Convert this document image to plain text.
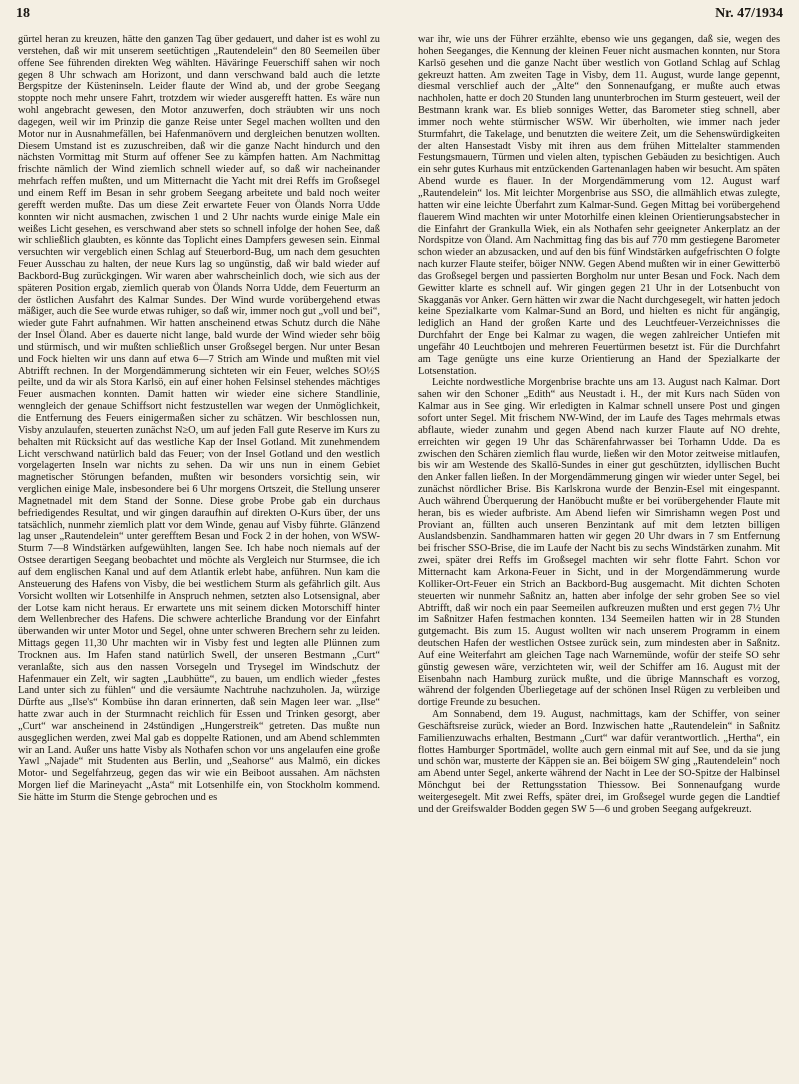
18	Nr. 47/1934

gürtel heran zu kreuzen, hätte den ganzen Tag über gedauert, und daher ist es wohl zu verstehen, daß wir mit unserem seetüchtigen „Rautendelein“ den 80 Seemeilen über offene See führenden direkten Weg wählten. Häväringe Feuerschiff sahen wir noch gegen 8 Uhr schwach am Horizont, und dann verschwand bald auch die letzte Bergspitze der Küsteninseln. Leider flaute der Wind ab, und der grobe Seegang stoppte noch mehr unsere Fahrt, trotzdem wir wieder ausgerefft hatten. Es wäre nun wohl angebracht gewesen, den Motor anzuwerfen, doch sträubten wir uns noch dagegen, weil wir im Prinzip die ganze Reise unter Segel machen wollten und den Motor nur in Ausnahmefällen, bei Hafenmanövern und dergleichen benutzen wollten. Diesem Umstand ist es zuzuschreiben, daß wir die ganze Nacht hindurch und den nächsten Vormittag mit Sturm auf offener See zu kämpfen hatten. Am Nachmittag frischte nämlich der Wind ziemlich schnell wieder auf, so daß wir nacheinander mehrfach reffen mußten, und um Mitternacht die Yacht mit drei Reffs im Großsegel und einem Reff im Besan in sehr grobem Seegang arbeitete und bald noch weiter gerefft werden mußte. Das um diese Zeit erwartete Feuer von Ölands Norra Udde konnten wir nicht ausmachen, zwischen 1 und 2 Uhr nachts wurde einige Male ein weißes Licht gesehen, es verschwand aber stets so schnell infolge der hohen See, daß wir schließlich glaubten, es könnte das Toplicht eines Dampfers gewesen sein. Einmal versuchten wir vergeblich einen Schlag auf Steuerbord-Bug, um nach dem gesuchten Feuer Ausschau zu halten, der neue Kurs lag so ungünstig, daß wir bald wieder auf Backbord-Bug zurückgingen. Wir waren aber wahrscheinlich doch, wie sich aus der späteren Position ergab, ziemlich querab von Ölands Norra Udde, dem Feuerturm an der östlichen Ausfahrt des Kalmar Sundes. Der Wind wurde vorübergehend etwas mäßiger, auch die See wurde etwas ruhiger, so daß wir, immer noch gut „voll und bei“, wieder gute Fahrt aufnahmen. Wir hatten anscheinend etwas Schutz durch die Nähe der Insel Öland. Aber es dauerte nicht lange, bald wurde der Wind wieder sehr böig und stürmisch, und wir mußten schließlich unser Großsegel bergen. Nur unter Besan und Fock hielten wir uns dann auf etwa 6—7 Strich am Winde und mußten mit viel Abtrifft rechnen. In der Morgendämmerung sichteten wir ein Feuer, welches SO½S peilte, und da wir als Stora Karlsö, ein auf einer hohen Felsinsel stehendes mächtiges Feuer ausmachen konnten. Damit hatten wir wieder eine sichere Standlinie, wenngleich der genaue Schiffsort nicht festzustellen war wegen der Unmöglichkeit, die Entfernung des Feuers einigermaßen sicher zu schätzen. Wir beschlossen nun, Visby anzulaufen, steuerten zunächst N≥O, um auf jeden Fall gute Reserve im Kurs zu behalten mit Rücksicht auf das westliche Kap der Insel Gotland. Mit zunehmendem Licht verschwand natürlich bald das Feuer; von der Insel Gotland und den westlich vorgelagerten Inseln war nichts zu sehen. Da wir uns nun in einem Gebiet magnetischer Störungen befanden, mußten wir besonders vorsichtig sein, wir verglichen einige Male, insbesondere bei 6 Uhr morgens Ortszeit, die Stellung unserer Magnetnadel mit dem Stand der Sonne. Diese grobe Probe gab ein durchaus befriedigendes Resultat, und wir gingen daraufhin auf direkten O-Kurs über, der uns tatsächlich, nunmehr ziemlich platt vor dem Winde, genau auf Visby führte. Glänzend lag unser „Rautendelein“ unter gerefftem Besan und Fock 2 in der hohen, von WSW-Sturm 7—8 Windstärken aufgewühlten, langen See. Ich habe noch niemals auf der Ostsee derartigen Seegang beobachtet und möchte als Vergleich nur Sturmsee, die ich auf dem englischen Kanal und auf dem Atlantik erlebt habe, anführen. Nun kam die Ansteuerung des Hafens von Visby, die bei westlichem Sturm als gefährlich gilt. Aus Vorsicht wollten wir Lotsenhilfe in Anspruch nehmen, setzten also Lotsensignal, aber der Lotse kam nicht heraus. Er erwartete uns mit seinem dicken Motorschiff hinter dem Wellenbrecher des Hafens. Die schwere achterliche Brandung vor der Einfahrt überwanden wir unter Motor und Segel, ohne unter schweren Brechern sehr zu leiden. Mittags gegen 11,30 Uhr machten wir in Visby fest und legten alle Plünnen zum Trocknen aus. Im Hafen stand natürlich Swell, der unseren Bestmann „Curt“ veranlaßte, sich aus den nassen Vorsegeln und Trysegel im Windschutz der Hafenmauer ein Zelt, wir sagten „Laubhütte“, zu bauen, um endlich wieder „festes Land unter sich zu fühlen“ und die versäumte Nachtruhe nachzuholen. Ja, würzige Dürfte aus „Ilse's“ Kombüse ihn daran erinnerten, daß sein Magen leer war. „Ilse“ hatte zwar auch in der Sturmnacht reichlich für Essen und Trinken gesorgt, aber „Curt“ war anscheinend in 24stündigen „Hungerstreik“ getreten. Das mußte nun ausgeglichen werden, zwei Mal gab es doppelte Rationen, und am Abend schlemmten wir an Land. Außer uns hatte Visby als Nothafen schon vor uns angelaufen eine große Yawl „Najade“ mit Studenten aus Berlin, und „Seahorse“ aus Malmö, ein dickes Motor- und Segelfahrzeug, gegen das wir wie ein Beiboot aussahen. Am nächsten Morgen lief die Marineyacht „Asta“ mit Lotsenhilfe ein, von Stockholm kommend. Sie hätte im Sturm die Stenge gebrochen und es

war ihr, wie uns der Führer erzählte, ebenso wie uns gegangen, daß sie, wegen des hohen Seeganges, die Kennung der kleinen Feuer nicht ausmachen konnten, nur Stora Karlsö gesehen und die ganze Nacht über westlich von Gotland Schlag auf Schlag gekreuzt hatten. Am zweiten Tage in Visby, dem 11. August, wurde lange gepennt, diesmal verschlief auch der „Alte“ den Sonnenaufgang, er mußte auch etwas nachholen, hatte er doch 20 Stunden lang ununterbrochen im Sturm gesteuert, weil der Bestmann krank war. Es blieb sonniges Wetter, das Barometer stieg schnell, aber immer noch wehte stürmischer WSW. Wir überholten, wie immer nach jeder Sturmfahrt, die Takelage, und benutzten die weitere Zeit, um die Sehenswürdigkeiten der alten Hansestadt Visby mit ihren aus dem frühen Mittelalter stammenden Festungsmauern, Türmen und vielen alten, typischen Gebäuden zu besichtigen. Auch ein sehr gutes Kurhaus mit entzückenden Gartenanlagen haben wir besucht. Am späten Abend wurde es flauer. In der Morgendämmerung vom 12. August warf „Rautendelein“ los. Mit leichter Morgenbrise aus SSO, die allmählich etwas zulegte, hatten wir eine leichte Überfahrt zum Kalmar-Sund. Gegen Mittag bei vorübergehend flauerem Wind machten wir unter Motorhilfe einen kleinen Orientierungsabstecher in die Einfahrt der Grankulla Wiek, ein als Nothafen sehr geeigneter Ankerplatz an der Nordspitze von Öland. Am Nachmittag fing das bis auf 770 mm gestiegene Barometer schon wieder an abzusacken, und auf den bis fünf Windstärken aufgefrischten O folgte nach kurzer Flaute steifer, böiger NNW. Gegen Abend mußten wir in einer Gewitterbö das Großsegel bergen und passierten Borgholm nur unter Besan und Fock. Nach dem Gewitter klarte es schnell auf. Wir gingen gegen 21 Uhr in der Lotsenbucht von Skagganäs vor Anker. Gern hätten wir zwar die Nacht durchgesegelt, wir hatten jedoch keine Spezialkarte vom Kalmar-Sund an Bord, und hielten es nicht für angängig, lediglich an Hand der großen Karte und des Leuchtfeuer-Verzeichnisses die Durchfahrt der Enge bei Kalmar zu wagen, die wegen zahlreicher Untiefen mit ungefähr 40 Leuchtbojen und mehreren Feuertürmen besetzt ist. Für die Durchfahrt am Tage genügte uns eine kurze Orientierung an Hand der Spezialkarte der Lotsenstation.

Leichte nordwestliche Morgenbrise brachte uns am 13. August nach Kalmar. Dort sahen wir den Schoner „Edith“ aus Neustadt i. H., der mit Kurs nach Süden von Kalmar aus in See ging. Wir erledigten in Kalmar schnell unsere Post und gingen sofort unter Segel. Mit frischem NW-Wind, der im Laufe des Tages mehrmals etwas abflaute, wieder zunahm und gegen Abend nach kurzer Flaute auf NO drehte, erreichten wir gegen 19 Uhr das Schärenfahrwasser bei Torhamn Udde. Da es zwischen den Schären ziemlich flau wurde, ließen wir den Motor zeitweise mitlaufen, bis wir am Westende des Skallö-Sundes in einer gut geschützten, idyllischen Bucht den Anker fallen ließen. In der Morgendämmerung gingen wir wieder unter Segel, bei zunächst nördlicher Brise. Bis Karlskrona wurde der Benzin-Esel mit eingespannt. Auch während Überquerung der Hanöbucht mußte er bei vorübergehender Flaute mit heran, bis es wieder aufbriste. Am Abend liefen wir Simrishamn wegen Post und Proviant an, füllten auch unseren Benzintank auf mit dem letzten billigen Auslandsbenzin. Sandhammaren hatten wir gegen 20 Uhr dwars in 7 sm Entfernung bei frischer SSO-Brise, die im Laufe der Nacht bis zu sechs Windstärken zunahm. Mit zwei, später drei Reffs im Großsegel machten wir sehr flotte Fahrt. Schon vor Mitternacht kam Arkona-Feuer in Sicht, und in der Morgendämmerung wurde Kolliker-Ort-Feuer ein Strich an Backbord-Bug ausgemacht. Mit dichten Schoten steuerten wir nunmehr Saßnitz an, hatten aber infolge der sehr groben See so viel Abtrifft, daß wir noch ein paar Seemeilen aufkreuzen mußten und erst gegen 7½ Uhr im Saßnitzer Hafen festmachen konnten. 134 Seemeilen hatten wir in 28 Stunden gutgemacht. Bis zum 15. August wollten wir nach unserem Programm in einem deutschen Hafen der westlichen Ostsee zurück sein, zum mindesten aber in Saßnitz. Auf eine Weiterfahrt am gleichen Tage nach Warnemünde, wofür der steife SO sehr günstig gewesen wäre, verzichteten wir, weil der Schiffer am 16. August mit der Eisenbahn nach Hamburg zurück mußte, und die übrige Mannschaft es vorzog, während der folgenden Überliegetage auf der schönen Insel Rügen zu verbleiben und dortige Freunde zu besuchen.

Am Sonnabend, dem 19. August, nachmittags, kam der Schiffer, von seiner Geschäftsreise zurück, wieder an Bord. Inzwischen hatte „Rautendelein“ in Saßnitz Familienzuwachs erhalten, Bestmann „Curt“ war dafür verantwortlich. „Hertha“, ein flottes Hamburger Sportmädel, wollte auch gern einmal mit auf See, und da sie jung und schön war, musterte der Käppen sie an. Bei böigem SW ging „Rautendelein“ noch am Abend unter Segel, ankerte während der Nacht in Lee der SO-Spitze der Halbinsel Mönchgut bei der Rettungsstation Thiessow. Bei Sonnenaufgang wurde weitergesegelt. Mit zwei Reffs, später drei, im Großsegel wurde gegen die Landtief und der Greifswalder Bodden gegen SW 5—6 und groben Seegang aufgekreuzt.
